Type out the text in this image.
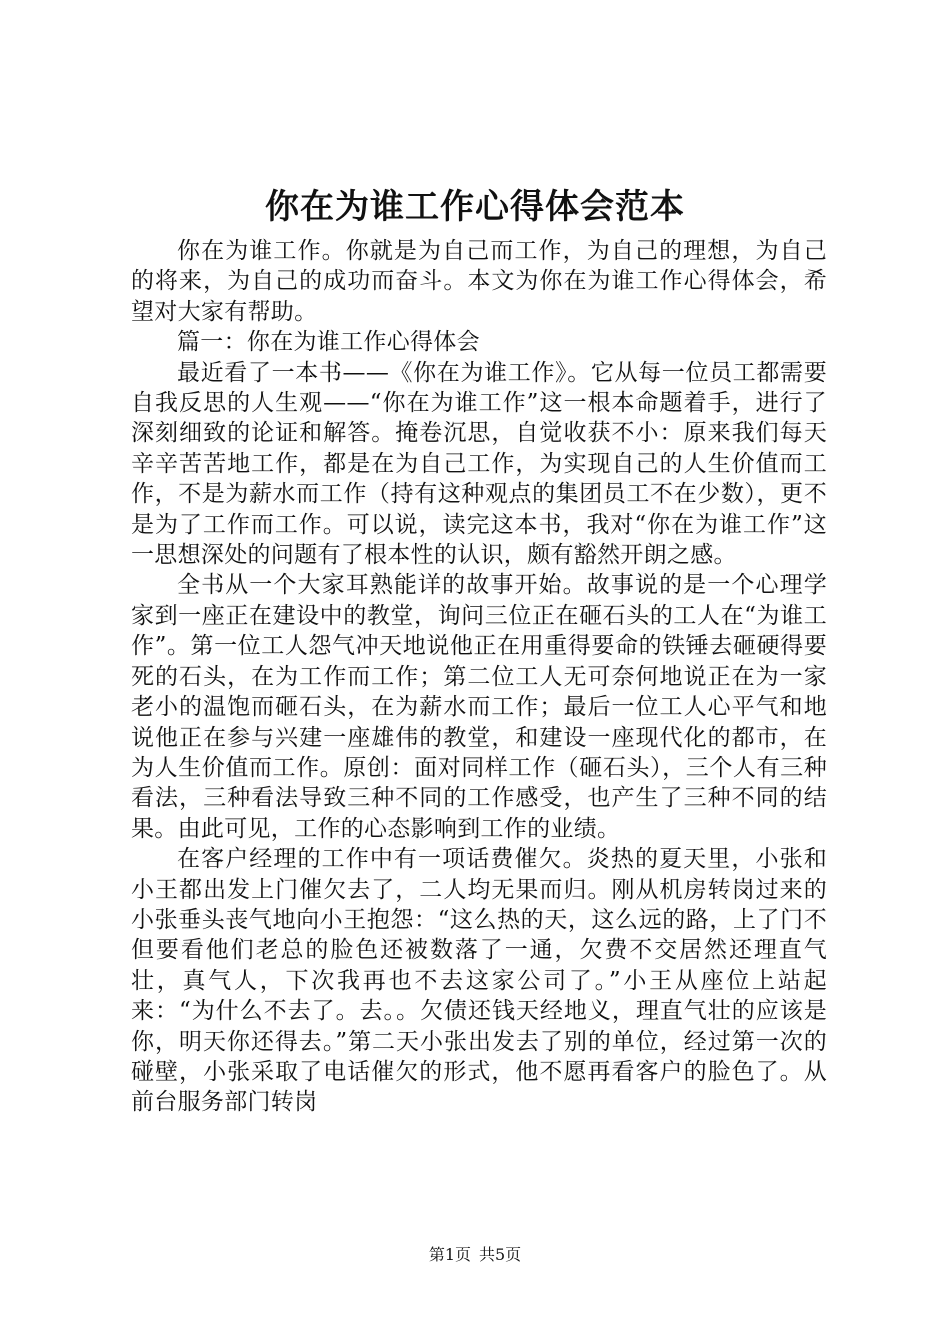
你在为谁工作心得体会范本

你在为谁工作。你就是为自己而工作，为自己的理想，为自己的将来，为自己的成功而奋斗。本文为你在为谁工作心得体会，希望对大家有帮助。

篇一：你在为谁工作心得体会

最近看了一本书——《你在为谁工作》。它从每一位员工都需要自我反思的人生观——“你在为谁工作”这一根本命题着手，进行了深刻细致的论证和解答。掩卷沉思，自觉收获不小：原来我们每天辛辛苦苦地工作，都是在为自己工作，为实现自己的人生价值而工作，不是为薪水而工作（持有这种观点的集团员工不在少数），更不是为了工作而工作。可以说，读完这本书，我对“你在为谁工作”这一思想深处的问题有了根本性的认识，颇有豁然开朗之感。

全书从一个大家耳熟能详的故事开始。故事说的是一个心理学家到一座正在建设中的教堂，询问三位正在砸石头的工人在“为谁工作”。第一位工人怨气冲天地说他正在用重得要命的铁锤去砸硬得要死的石头，在为工作而工作；第二位工人无可奈何地说正在为一家老小的温饱而砸石头，在为薪水而工作；最后一位工人心平气和地说他正在参与兴建一座雄伟的教堂，和建设一座现代化的都市，在为人生价值而工作。原创：面对同样工作（砸石头），三个人有三种看法，三种看法导致三种不同的工作感受，也产生了三种不同的结果。由此可见，工作的心态影响到工作的业绩。

在客户经理的工作中有一项话费催欠。炎热的夏天里，小张和小王都出发上门催欠去了，二人均无果而归。刚从机房转岗过来的小张垂头丧气地向小王抱怨：“这么热的天，这么远的路，上了门不但要看他们老总的脸色还被数落了一通，欠费不交居然还理直气壮，真气人，下次我再也不去这家公司了。”小王从座位上站起来：“为什么不去了。去。。欠债还钱天经地义，理直气壮的应该是你，明天你还得去。”第二天小张出发去了别的单位，经过第一次的碰壁，小张采取了电话催欠的形式，他不愿再看客户的脸色了。从前台服务部门转岗

第1页 共5页
